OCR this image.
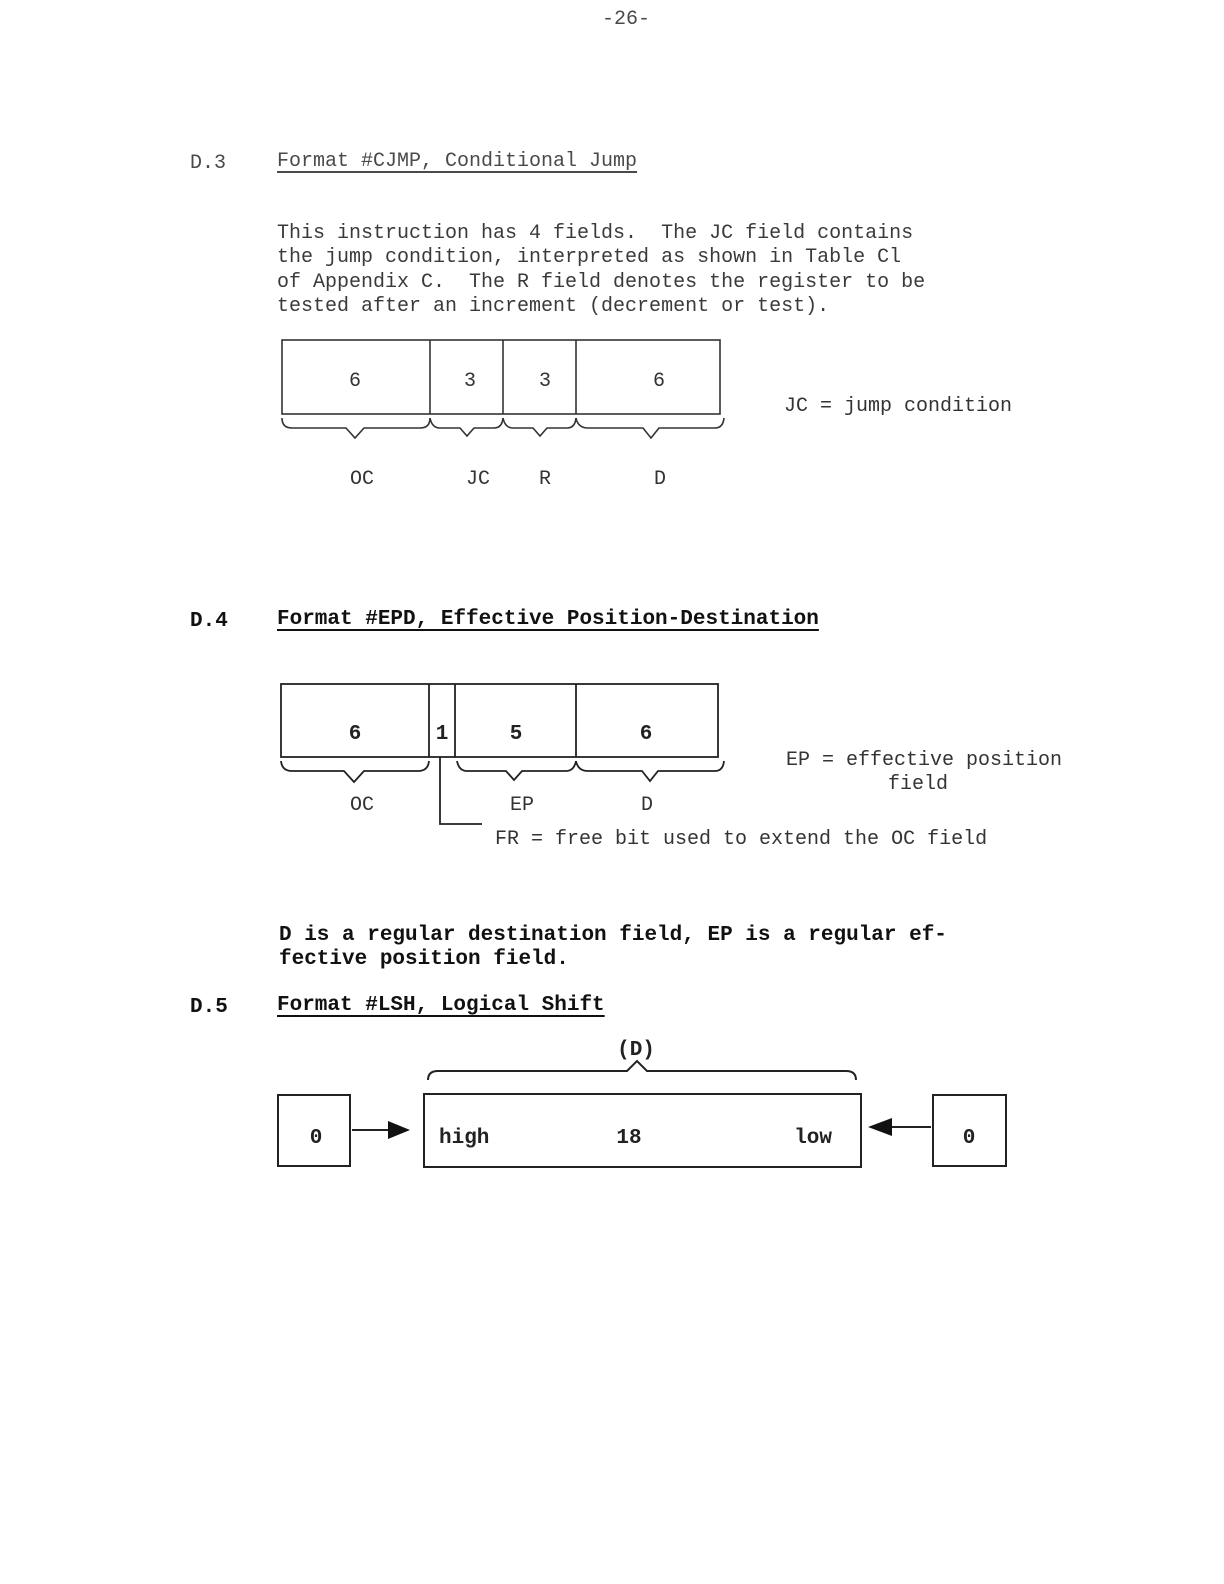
-26-
D.3	Format #CJMP, Conditional Jump

This instruction has 4 fields.  The JC field contains
the jump condition, interpreted as shown in Table Cl
of Appendix C.  The R field denotes the register to be
tested after an increment (decrement or test).

6	3	3	6
OC	JC R	D
JC = jump condition
D.4 Format #EPD, Effective Position-Destination
6	1	5	6
OC	EP	D
EP = effective position
field
FR = free bit used to extend the OC field

D is a regular destination field, EP is a regular ef-
fective position field.

D.5 Format #LSH, Logical Shift
(D)
0	high	18	low	0
